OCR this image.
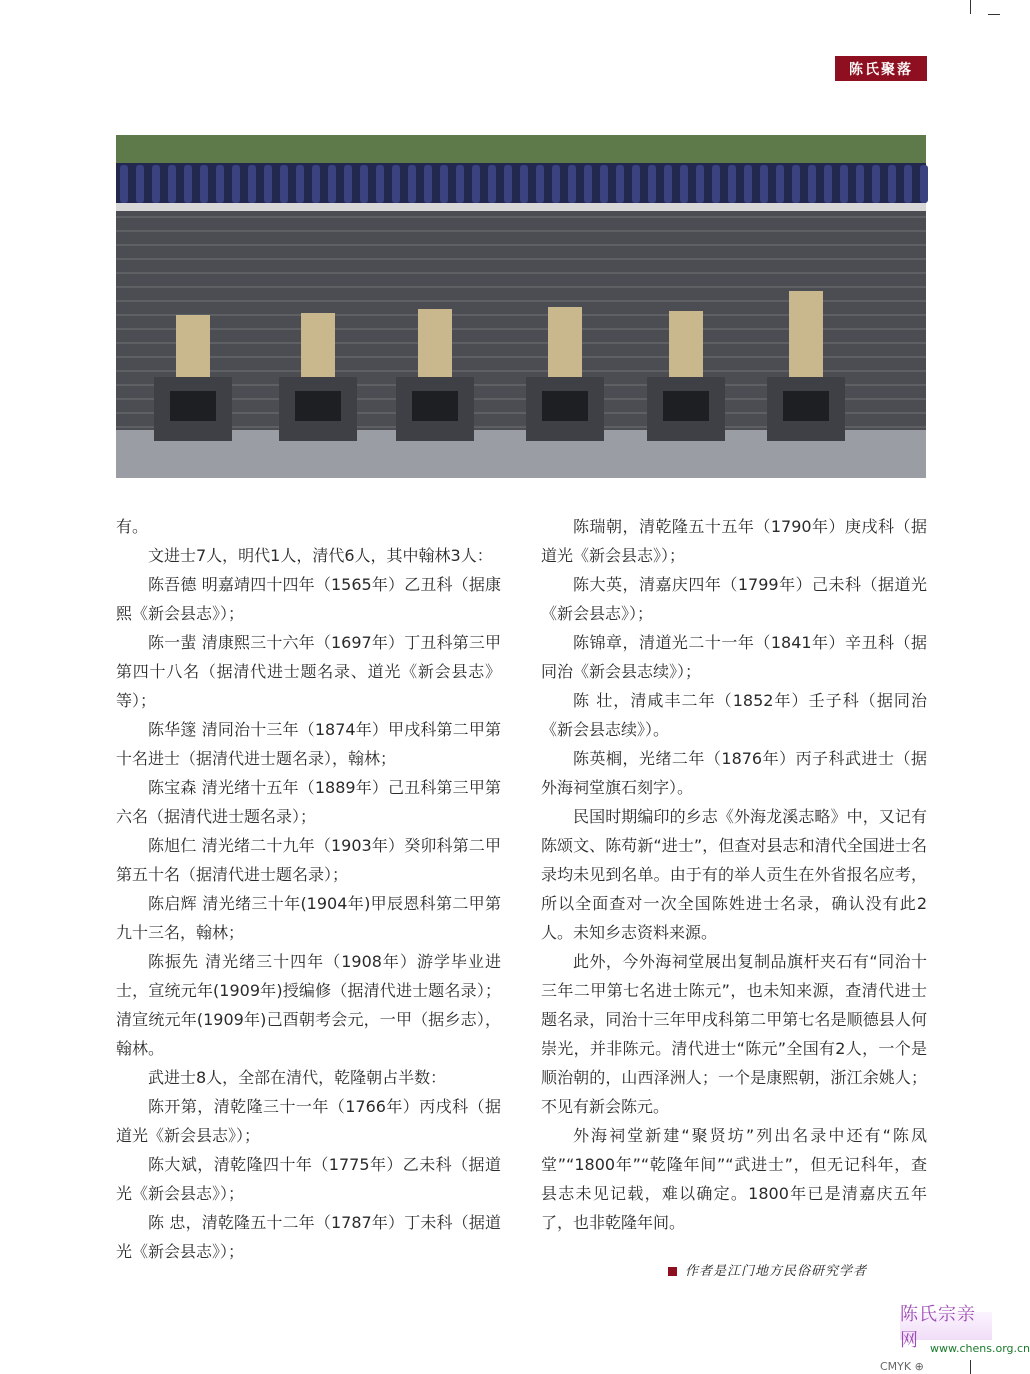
陈氏聚落

有。

文进士7人，明代1人，清代6人，其中翰林3人：

陈吾德 明嘉靖四十四年（1565年）乙丑科（据康熙《新会县志》）；

陈一蜚 清康熙三十六年（1697年）丁丑科第三甲第四十八名（据清代进士题名录、道光《新会县志》等）；

陈华篴 清同治十三年（1874年）甲戌科第二甲第十名进士（据清代进士题名录），翰林；

陈宝森 清光绪十五年（1889年）己丑科第三甲第六名（据清代进士题名录）；

陈旭仁 清光绪二十九年（1903年）癸卯科第二甲第五十名（据清代进士题名录）；

陈启辉 清光绪三十年(1904年)甲辰恩科第二甲第九十三名，翰林；

陈振先 清光绪三十四年（1908年）游学毕业进士，宣统元年(1909年)授编修（据清代进士题名录）；清宣统元年(1909年)己酉朝考会元，一甲（据乡志），翰林。

武进士8人，全部在清代，乾隆朝占半数：

陈开第，清乾隆三十一年（1766年）丙戌科（据道光《新会县志》）；

陈大斌，清乾隆四十年（1775年）乙未科（据道光《新会县志》）；

陈 忠，清乾隆五十二年（1787年）丁未科（据道光《新会县志》）；

陈瑞朝，清乾隆五十五年（1790年）庚戌科（据道光《新会县志》）；

陈大英，清嘉庆四年（1799年）己未科（据道光《新会县志》）；

陈锦章，清道光二十一年（1841年）辛丑科（据同治《新会县志续》）；

陈 壮，清咸丰二年（1852年）壬子科（据同治《新会县志续》）。

陈英榈，光绪二年（1876年）丙子科武进士（据外海祠堂旗石刻字）。

民国时期编印的乡志《外海龙溪志略》中，又记有陈颂文、陈苟新“进士”，但查对县志和清代全国进士名录均未见到名单。由于有的举人贡生在外省报名应考，所以全面查对一次全国陈姓进士名录，确认没有此2人。未知乡志资料来源。

此外，今外海祠堂展出复制品旗杆夹石有“同治十三年二甲第七名进士陈元”，也未知来源，查清代进士题名录，同治十三年甲戌科第二甲第七名是顺德县人何崇光，并非陈元。清代进士“陈元”全国有2人，一个是顺治朝的，山西泽洲人；一个是康熙朝，浙江余姚人；不见有新会陈元。

外海祠堂新建“聚贤坊”列出名录中还有“陈凤堂”“1800年”“乾隆年间”“武进士”，但无记科年，查县志未见记载，难以确定。1800年已是清嘉庆五年了，也非乾隆年间。

作者是江门地方民俗研究学者
陈氏宗亲网	www.chens.org.cn
CMYK ⊕
